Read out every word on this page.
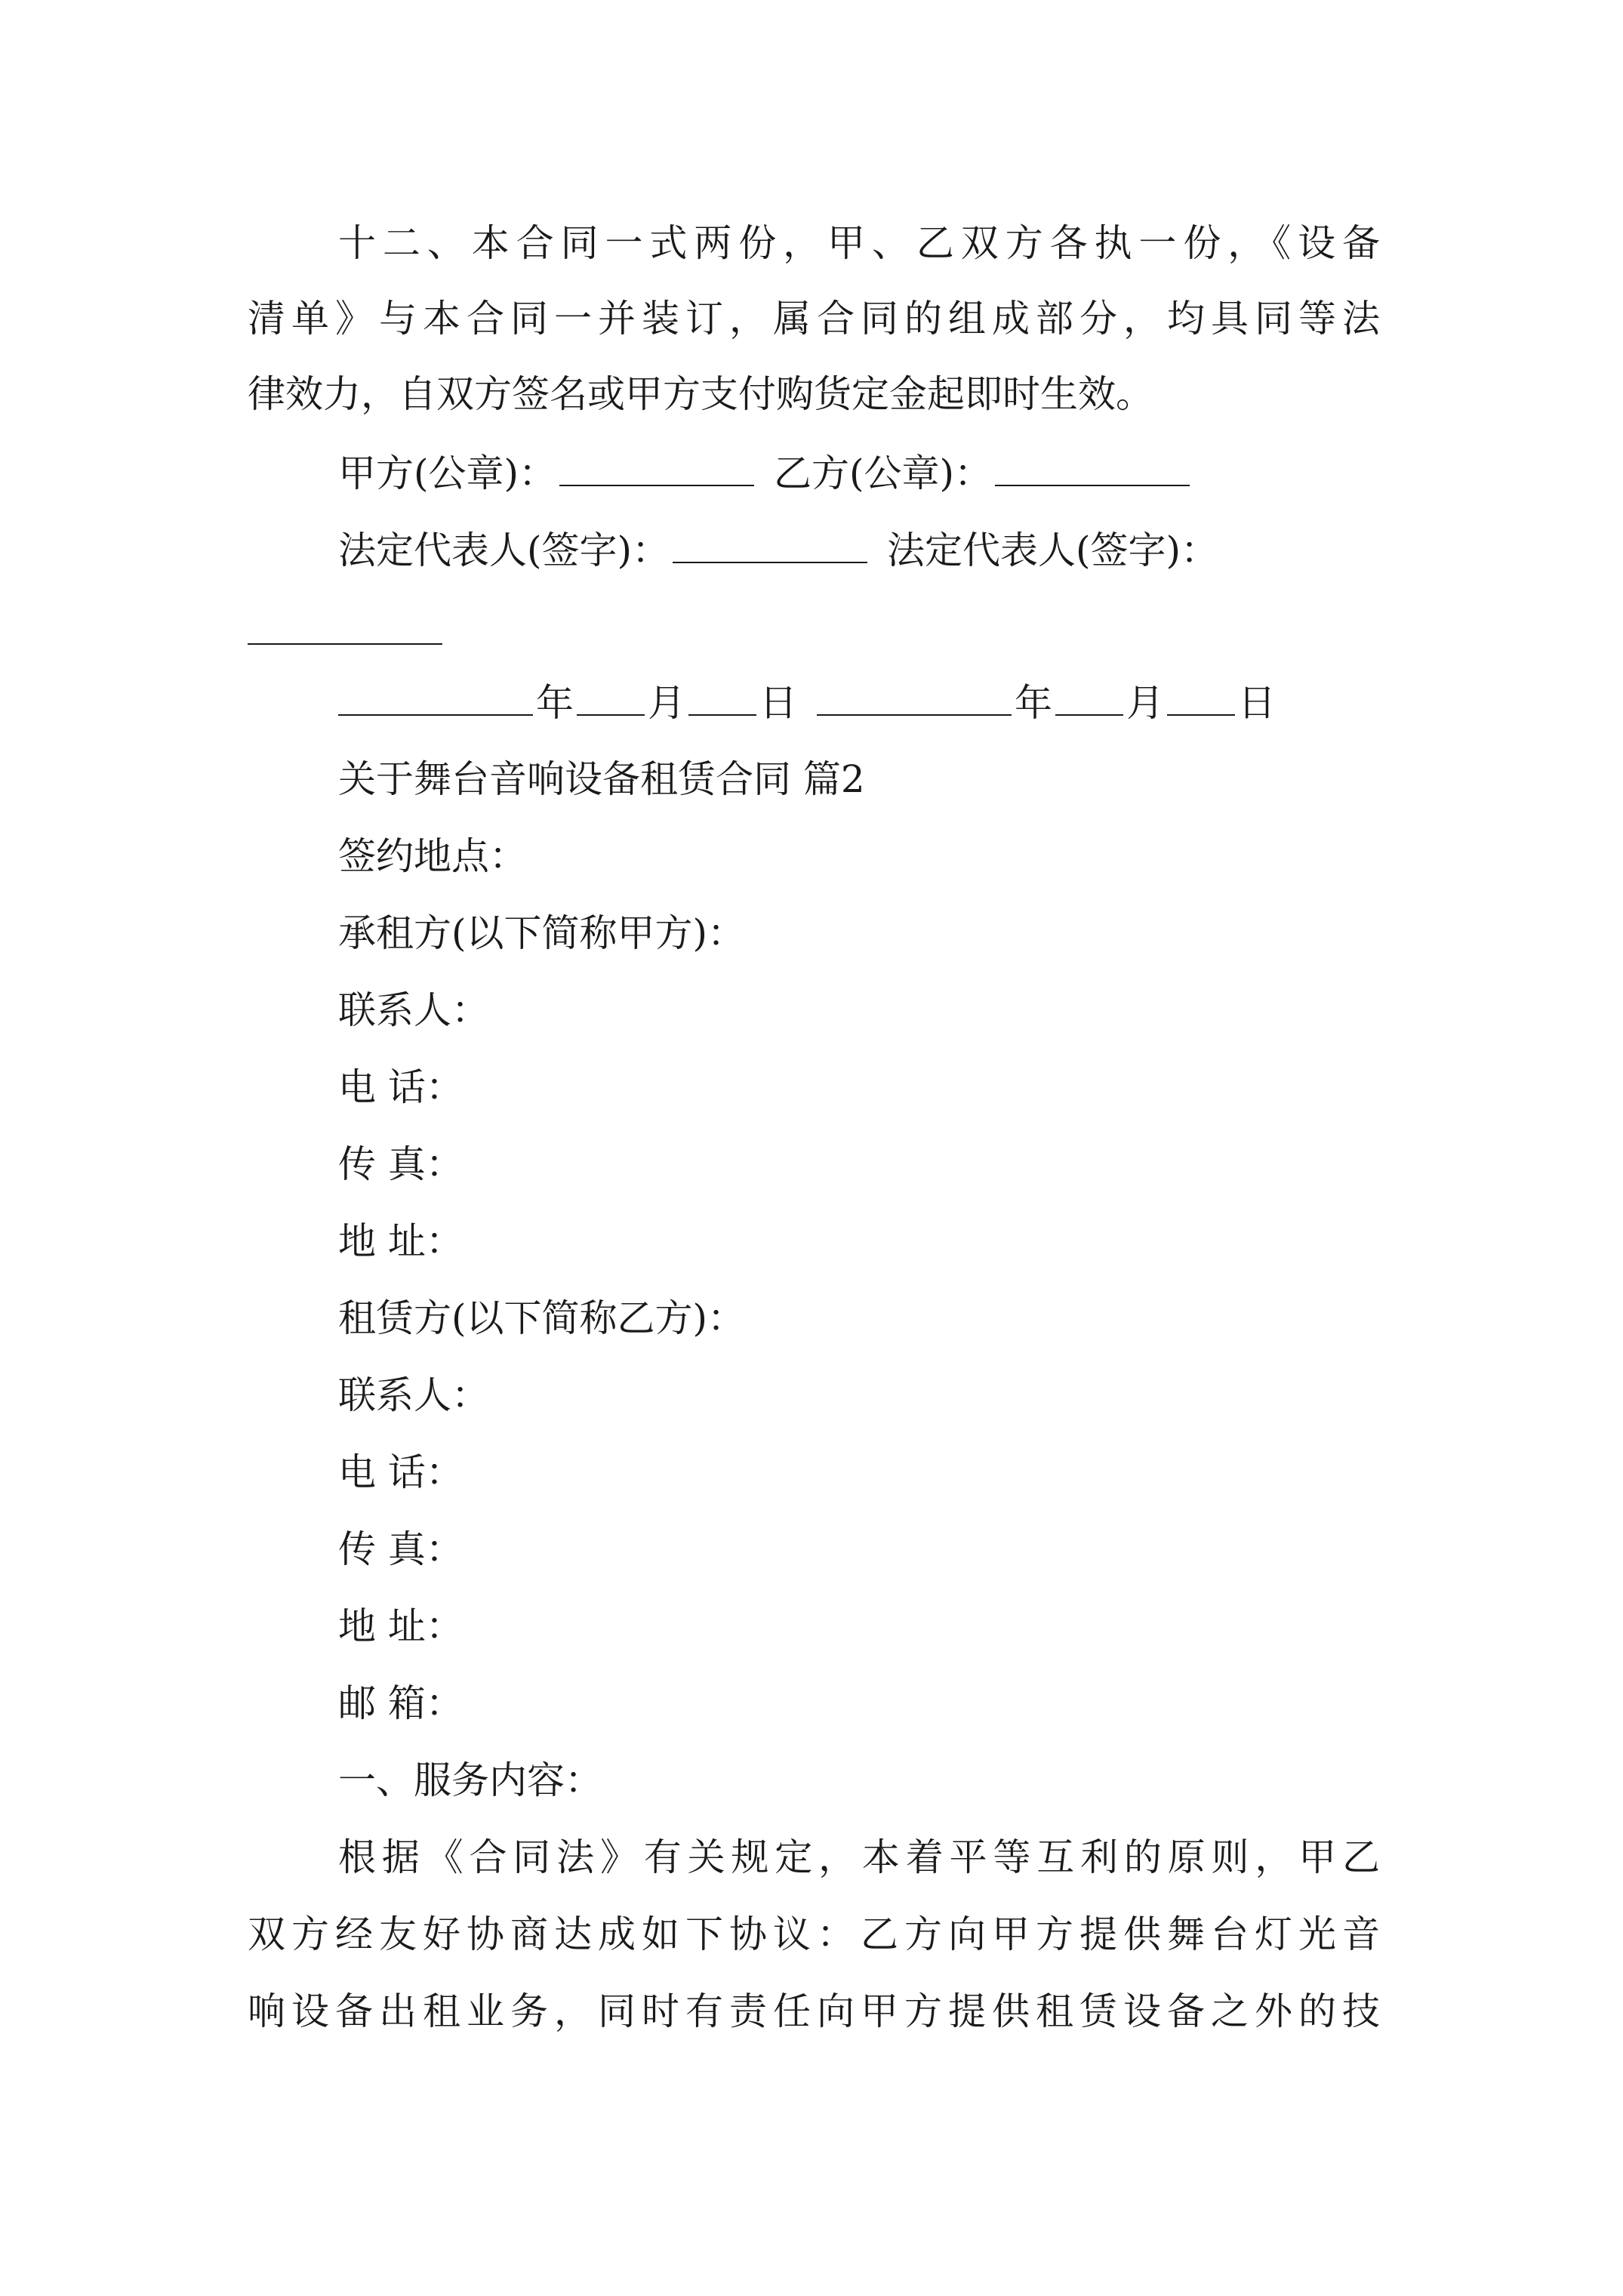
十二、本合同一式两份，甲、乙双方各执一份，《设备
清单》与本合同一并装订，属合同的组成部分，均具同等法
律效力，自双方签名或甲方支付购货定金起即时生效。
甲方(公章)：	乙方(公章)：
法定代表人(签字)：	法定代表人(签字)：
年 月 日	年 月 日
关于舞台音响设备租赁合同 篇2
签约地点：
承租方(以下简称甲方)：
联系人：
电 话：
传 真：
地 址：
租赁方(以下简称乙方)：
联系人：
电 话：
传 真：
地 址：
邮 箱：
一、服务内容：
根据《合同法》有关规定，本着平等互利的原则，甲乙
双方经友好协商达成如下协议：乙方向甲方提供舞台灯光音
响设备出租业务，同时有责任向甲方提供租赁设备之外的技
